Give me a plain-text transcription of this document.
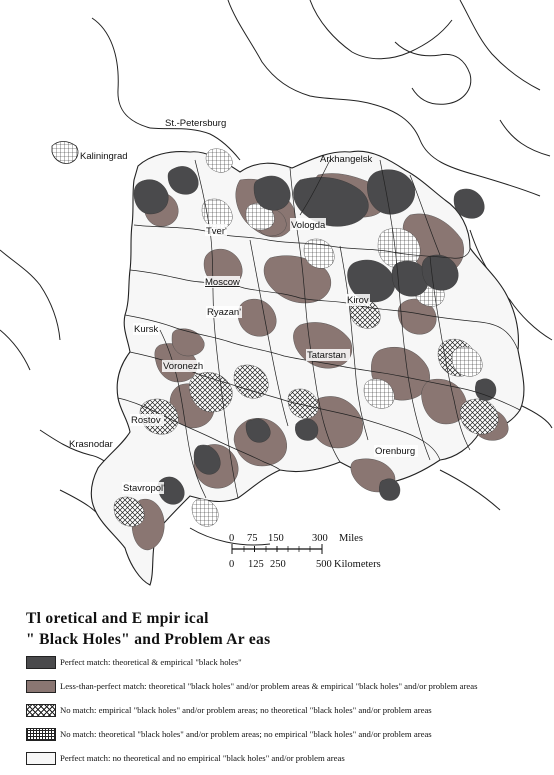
0 75 150	300 Miles
0 125 250	500 Kilometers
St.-Petersburg
Kaliningrad	Arkhangelsk
Tver'
Vologda
Moscow
Ryazan'
Kirov
Kursk
Voronezh
Tatarstan
Rostov
Krasnodar
Orenburg
Stavropol'
Tl oretical and E mpir ical
" Black Holes" and Problem Ar eas
Perfect match: theoretical & empirical "black holes"
Less-than-perfect match: theoretical "black holes" and/or problem areas & empirical "black holes" and/or problem areas
No match: empirical "black holes" and/or problem areas; no theoretical "black holes" and/or problem areas
No match: theoretical "black holes" and/or problem areas; no empirical "black holes" and/or problem areas
Perfect match: no theoretical and no empirical "black holes" and/or problem areas
